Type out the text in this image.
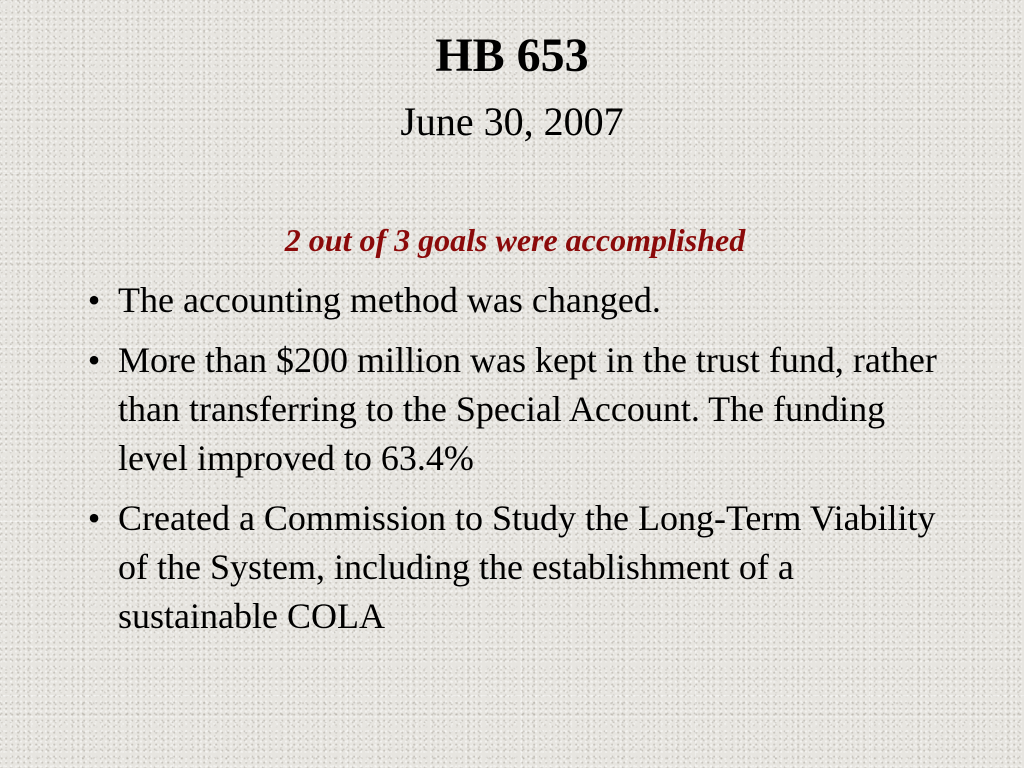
HB 653
June 30, 2007
2 out of 3 goals were accomplished
• The accounting method was changed.
• More than $200 million was kept in the trust fund, rather than transferring to the Special Account. The funding level improved to 63.4%
• Created a Commission to Study the Long-Term Viability of the System, including the establishment of a sustainable COLA
